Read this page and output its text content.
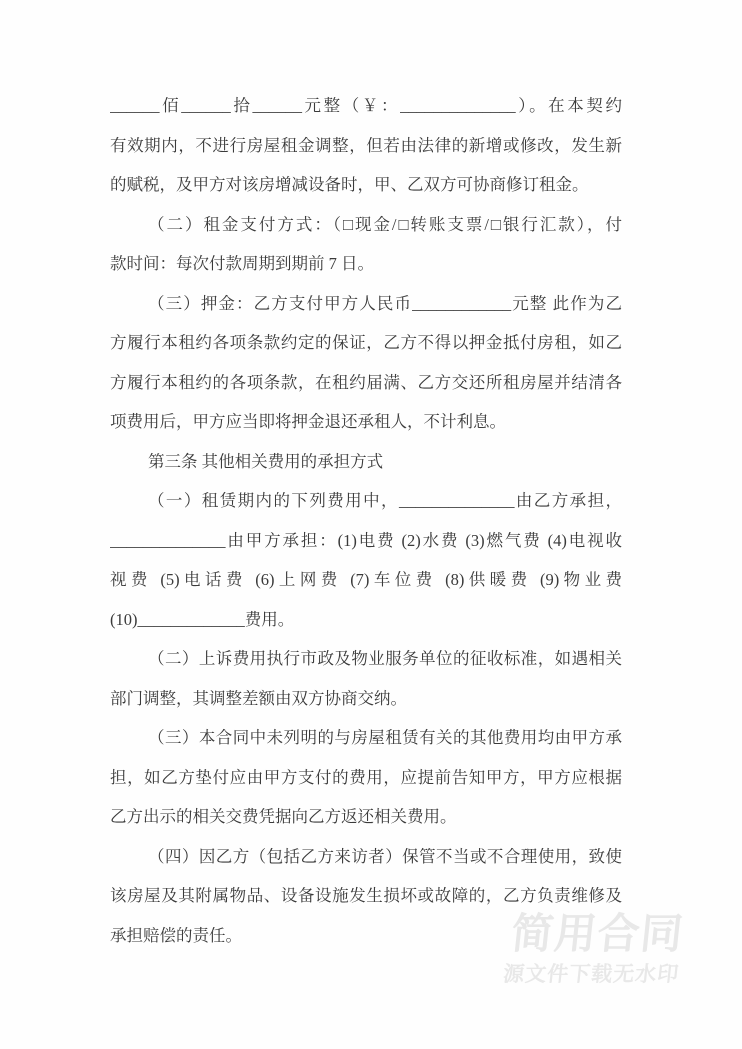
______佰______拾______元整（￥：______________）。在本契约
有效期内，不进行房屋租金调整，但若由法律的新增或修改，发生新
的赋税，及甲方对该房增减设备时，甲、乙双方可协商修订租金。
（二）租金支付方式：（□现金/□转账支票/□银行汇款），付
款时间：每次付款周期到期前 7 日。
（三）押金：乙方支付甲方人民币____________元整 此作为乙
方履行本租约各项条款约定的保证，乙方不得以押金抵付房租，如乙
方履行本租约的各项条款，在租约届满、乙方交还所租房屋并结清各
项费用后，甲方应当即将押金退还承租人，不计利息。
第三条 其他相关费用的承担方式
（一）租赁期内的下列费用中，______________由乙方承担，
______________由甲方承担：(1)电费 (2)水费 (3)燃气费 (4)电视收
视费 (5)电话费 (6)上网费 (7)车位费 (8)供暖费 (9)物业费
(10)_____________费用。
（二）上诉费用执行市政及物业服务单位的征收标准，如遇相关
部门调整，其调整差额由双方协商交纳。
（三）本合同中未列明的与房屋租赁有关的其他费用均由甲方承
担，如乙方垫付应由甲方支付的费用，应提前告知甲方，甲方应根据
乙方出示的相关交费凭据向乙方返还相关费用。
（四）因乙方（包括乙方来访者）保管不当或不合理使用，致使
该房屋及其附属物品、设备设施发生损坏或故障的，乙方负责维修及
承担赔偿的责任。	简用合同
源文件下载无水印
